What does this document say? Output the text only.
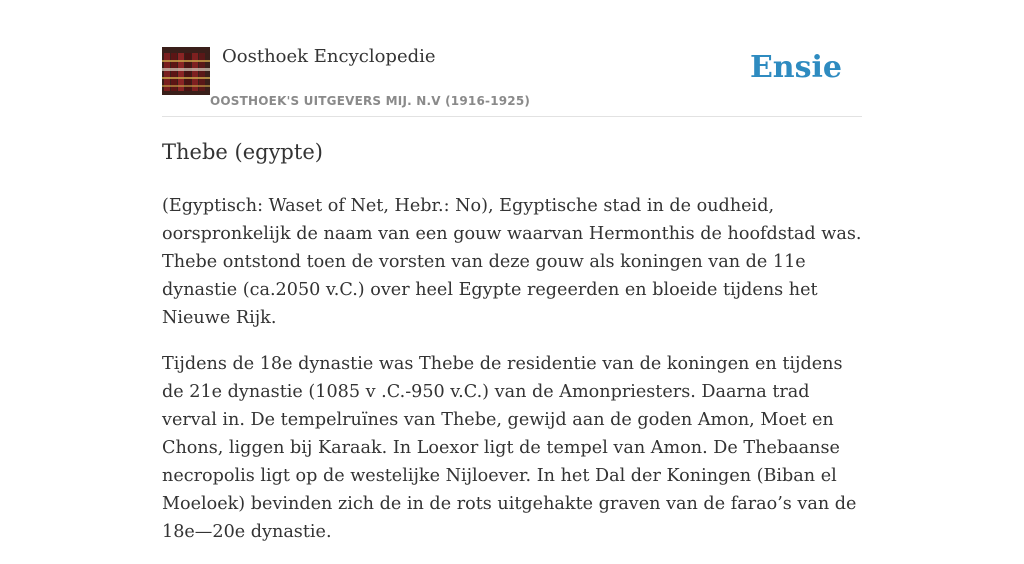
Oosthoek Encyclopedie
OOSTHOEK'S UITGEVERS MIJ. N.V (1916-1925)
Ensie
Thebe (egypte)

(Egyptisch: Waset of Net, Hebr.: No), Egyptische stad in de oudheid, oorspronkelijk de naam van een gouw waarvan Hermonthis de hoofdstad was. Thebe ontstond toen de vorsten van deze gouw als koningen van de 11e dynastie (ca.2050 v.C.) over heel Egypte regeerden en bloeide tijdens het Nieuwe Rijk.

Tijdens de 18e dynastie was Thebe de residentie van de koningen en tijdens de 21e dynastie (1085 v .C.-950 v.C.) van de Amonpriesters. Daarna trad verval in. De tempelruïnes van Thebe, gewijd aan de goden Amon, Moet en Chons, liggen bij Karaak. In Loexor ligt de tempel van Amon. De Thebaanse necropolis ligt op de westelijke Nijloever. In het Dal der Koningen (Biban el Moeloek) bevinden zich de in de rots uitgehakte graven van de farao’s van de 18e—20e dynastie.
